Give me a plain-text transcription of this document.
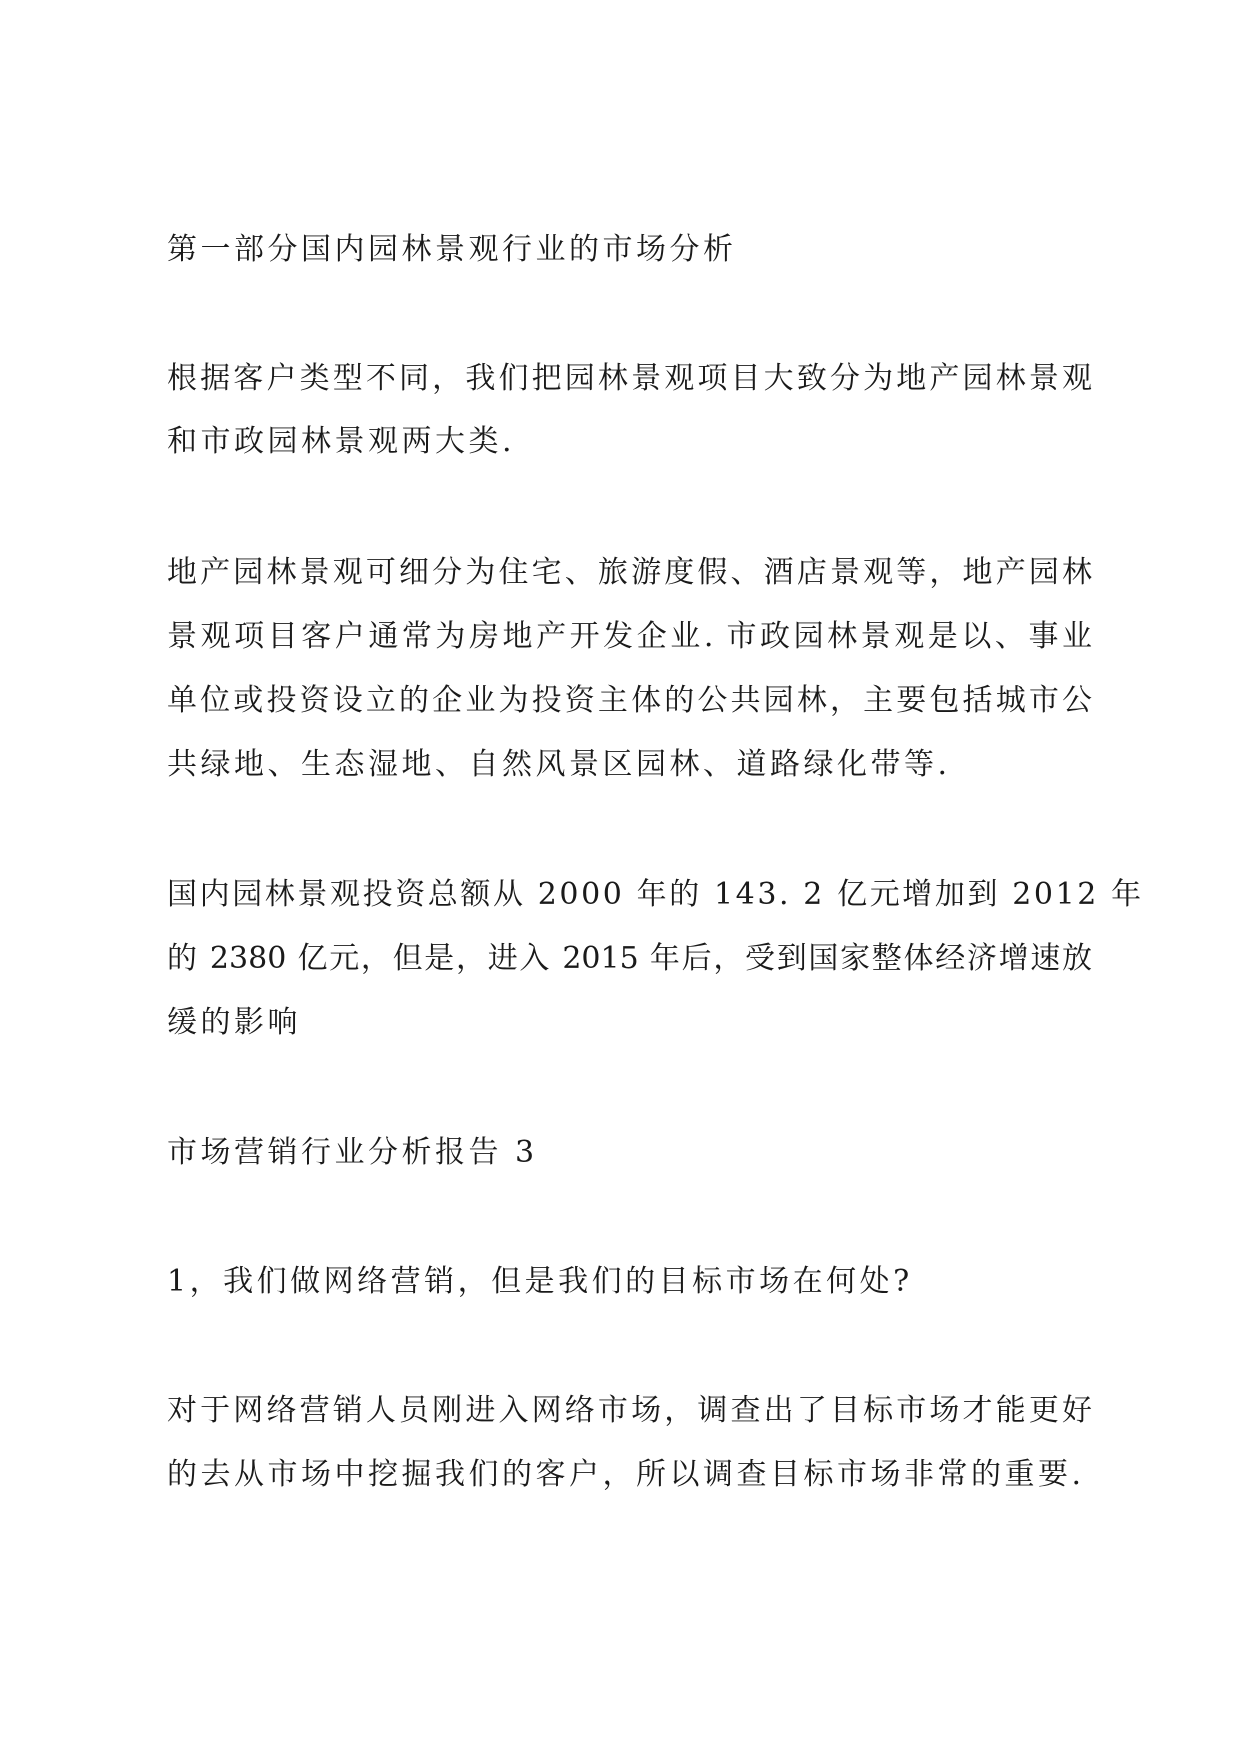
第一部分国内园林景观行业的市场分析
根据客户类型不同，我们把园林景观项目大致分为地产园林景观
和市政园林景观两大类.
地产园林景观可细分为住宅、旅游度假、酒店景观等，地产园林
景观项目客户通常为房地产开发企业. 市政园林景观是以、事业
单位或投资设立的企业为投资主体的公共园林，主要包括城市公
共绿地、生态湿地、自然风景区园林、道路绿化带等.
国内园林景观投资总额从 2000 年的 143. 2 亿元增加到 2012 年
的 2380 亿元，但是，进入 2015 年后，受到国家整体经济增速放
缓的影响
市场营销行业分析报告 3
1，我们做网络营销，但是我们的目标市场在何处?
对于网络营销人员刚进入网络市场，调查出了目标市场才能更好
的去从市场中挖掘我们的客户，所以调查目标市场非常的重要.
